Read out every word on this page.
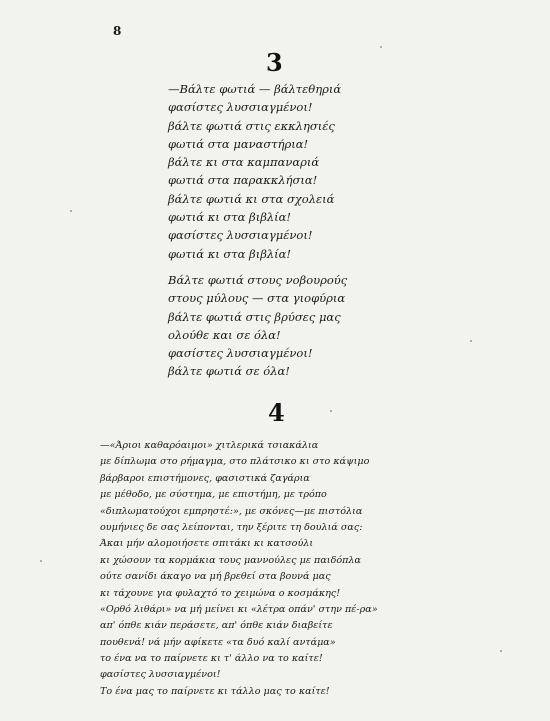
8
3
—Βάλτε φωτιά — βάλτεθηριά
φασίστες λυσσιαγμένοι!
βάλτε φωτιά στις εκκλησιές
φωτιά στα μαναστήρια!
βάλτε κι στα καμπαναριά
φωτιά στα παρακκλήσια!
βάλτε φωτιά κι στα σχολειά
φωτιά κι στα βιβλία!
φασίστες λυσσιαγμένοι!
φωτιά κι στα βιβλία!
Βάλτε φωτιά στους νοβουρούς
στους μύλους — στα γιοφύρια
βάλτε φωτιά στις βρύσες μας
ολούθε και σε όλα!
φασίστες λυσσιαγμένοι!
βάλτε φωτιά σε όλα!
4
—«Άριοι καθαρόαιμοι» χιτλερικά τσιακάλια
με δίπλωμα στο ρήμαγμα, στο πλάτσικο κι στο κάψιμο
βάρβαροι επιστήμονες, φασιστικά ζαγάρια
με μέθοδο, με σύστημα, με επιστήμη, με τρόπο
«διπλωματούχοι εμπρηστέ:», με σκόνες—με πιστόλια
ουμήνιες δε σας λείπονται, την ξέριτε τη δουλιά σας:
Άκαι μήν αλομοιήσετε σπιτάκι κι κατσούλι
κι χώσουν τα κορμάκια τους μαννούλες με παιδόπλα
ούτε σανίδι άκαγο να μή βρεθεί στα βουνά μας
κι τάχουνε για φυλαχτό το χειμώνα ο κοσμάκης!
«Ορθό λιθάρι» να μή μείνει κι «λέτρα οπάν' στην πέ-ρα»
απ' όπθε κιάν περάσετε, απ' όπθε κιάν διαβείτε
πουθενά! νά μήν αφίκετε «τα δυό καλί αντάμα»
το ένα να το παίρνετε κι τ' άλλο να το καίτε!
φασίστες λυσσιαγμένοι!
Το ένα μας το παίρνετε κι τάλλο μας το καίτε!
